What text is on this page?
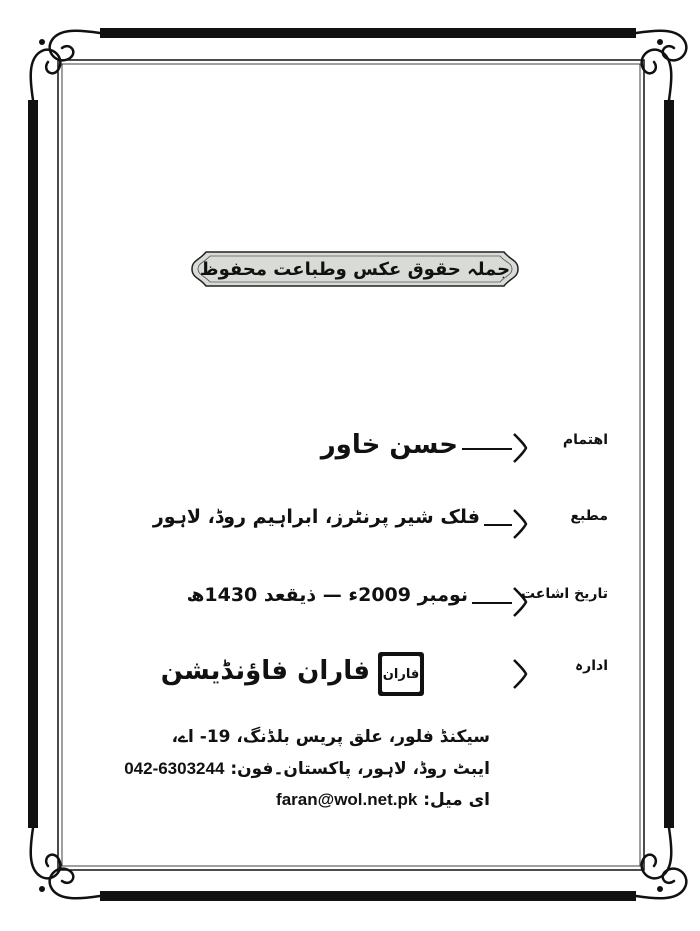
جملہ حقوق عکس وطباعت محفوظ
اهتمام
حسن خاور
مطبع
فلک شیر پرنٹرز، ابراہیم روڈ، لاہور
تاریخ اشاعت
نومبر 2009ء — ذیقعد 1430ھ
ادارہ
فاران فاؤنڈیشن فاران
سیکنڈ فلور، علق پریس بلڈنگ، 19- اے،
ایبٹ روڈ، لاہور، پاکستان۔فون: 042-6303244
ای میل: faran@wol.net.pk
